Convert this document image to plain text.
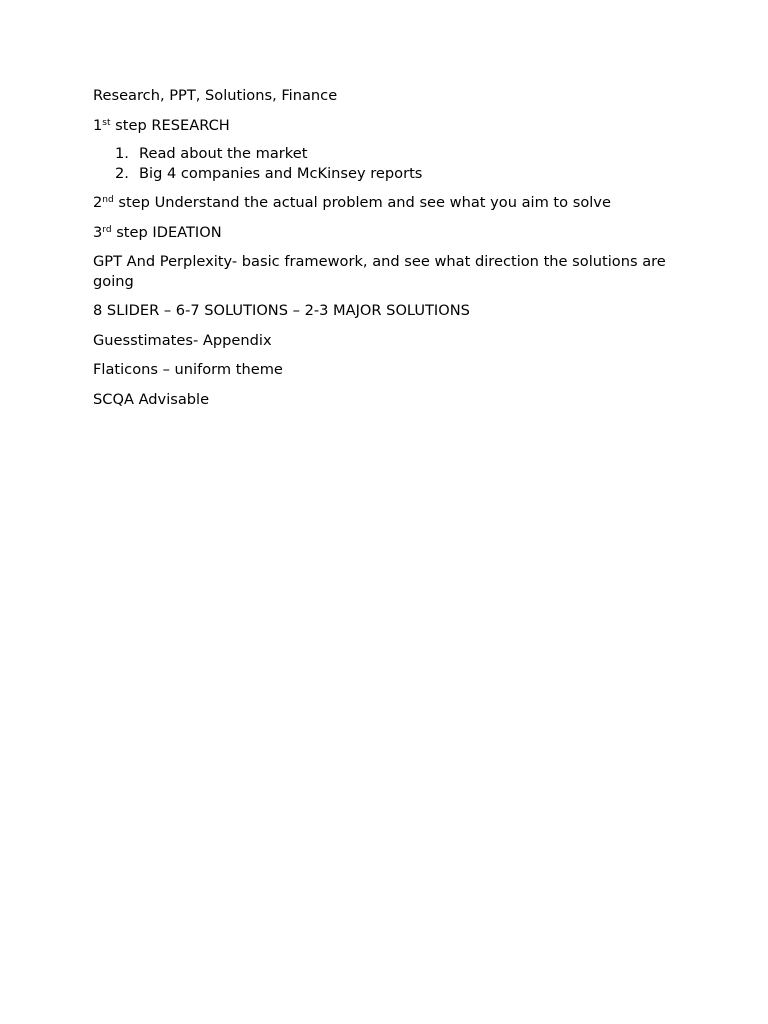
Research, PPT, Solutions, Finance

1st step RESEARCH

1. Read about the market
2. Big 4 companies and McKinsey reports

2nd step Understand the actual problem and see what you aim to solve

3rd step IDEATION

GPT And Perplexity- basic framework, and see what direction the solutions are going

8 SLIDER – 6-7 SOLUTIONS – 2-3 MAJOR SOLUTIONS

Guesstimates- Appendix

Flaticons – uniform theme

SCQA Advisable
